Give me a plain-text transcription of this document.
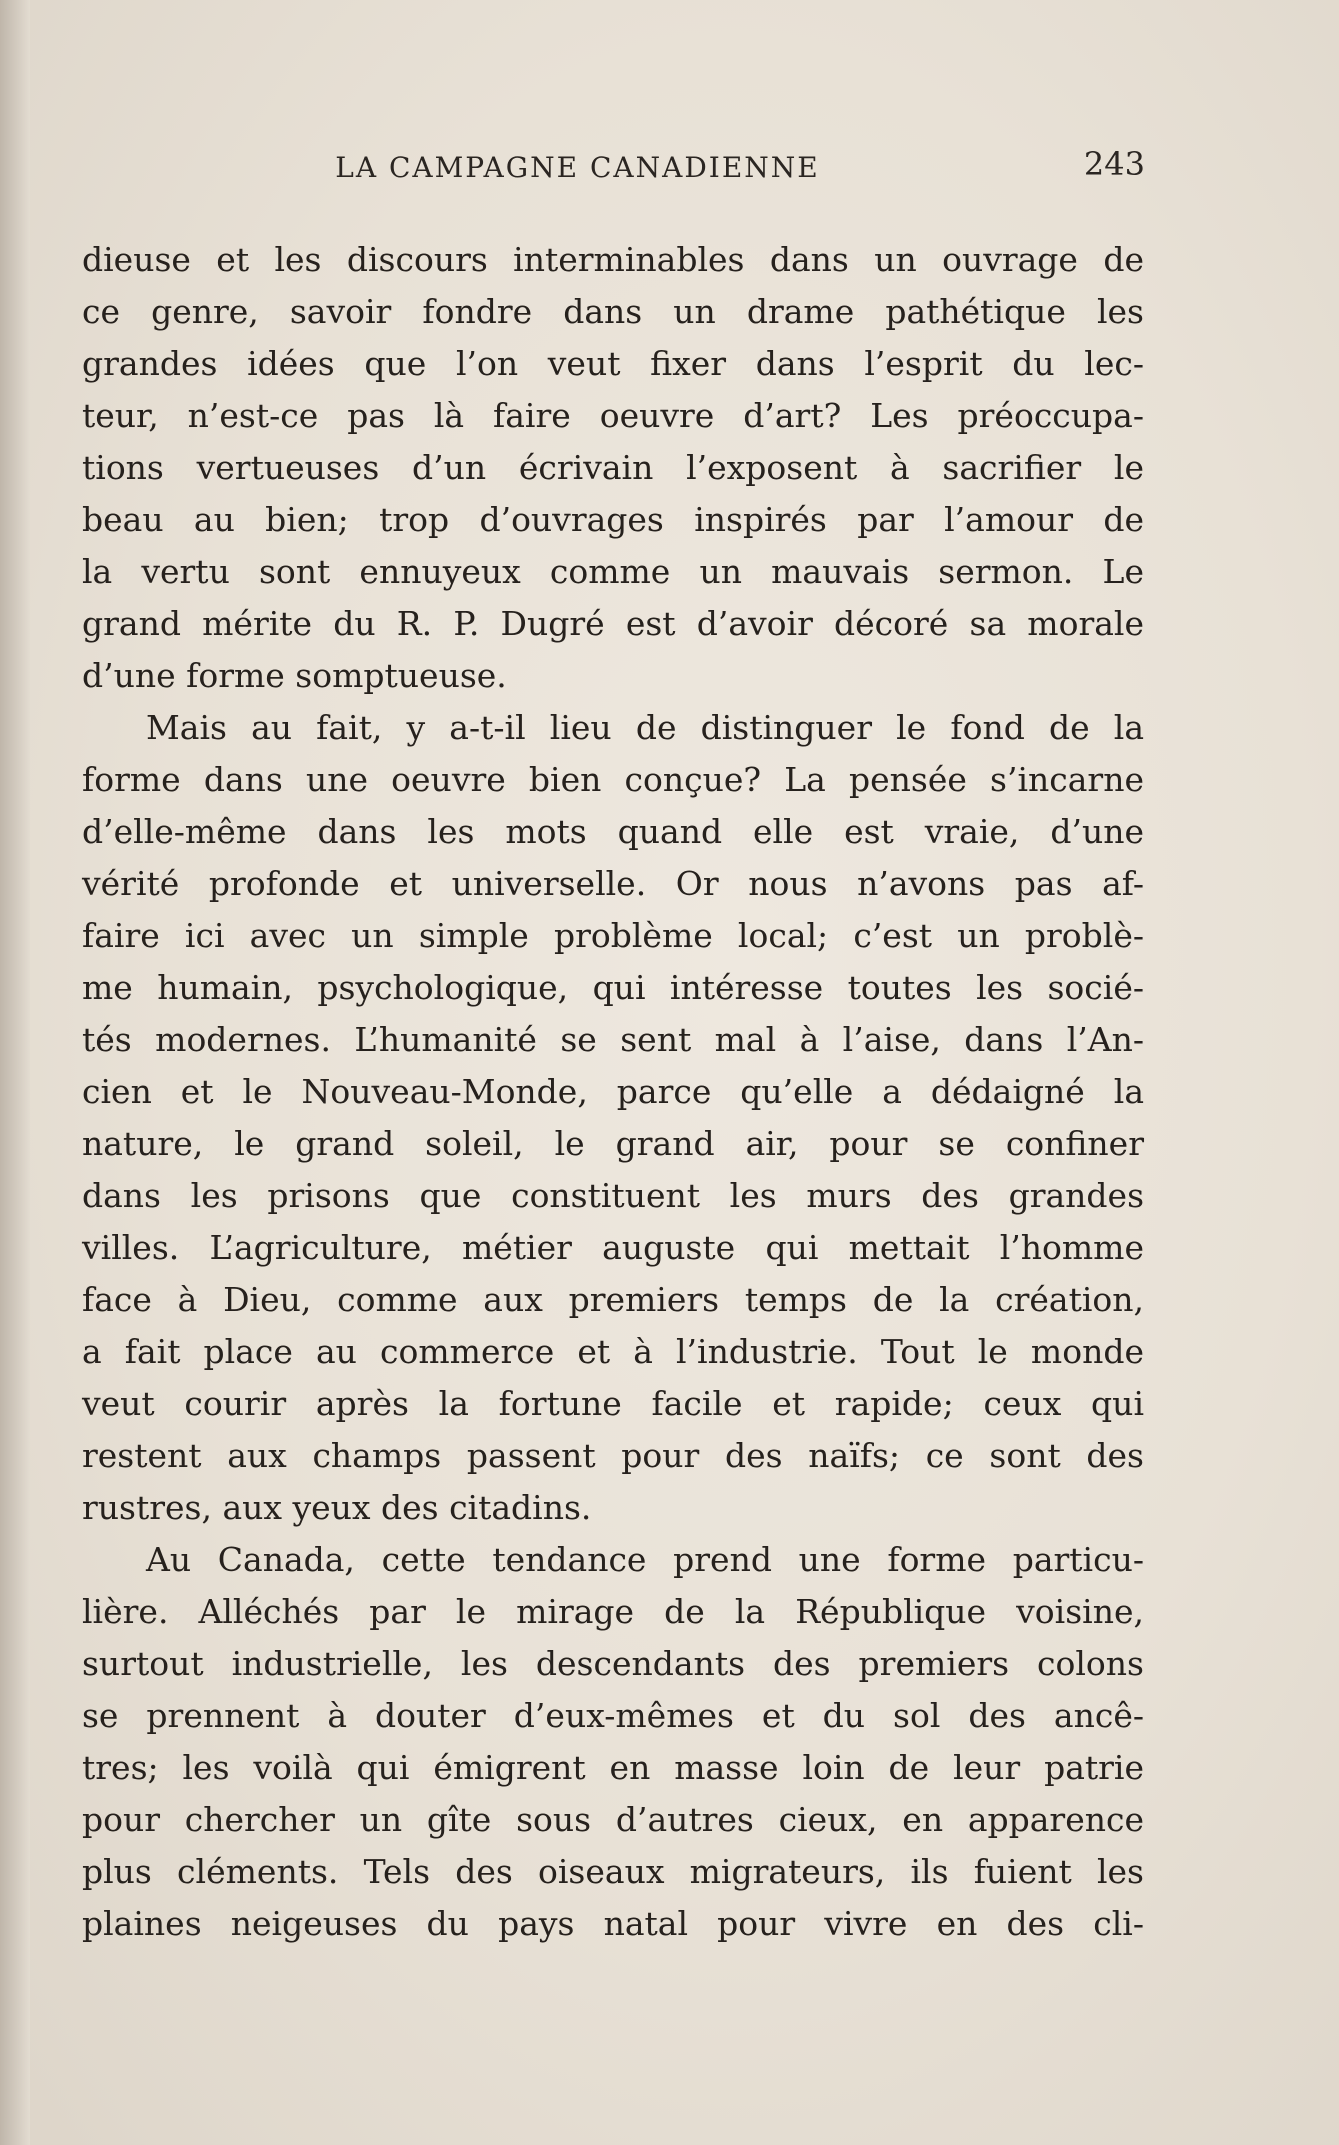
LA CAMPAGNE CANADIENNE	243
dieuse et les discours interminables dans un ouvrage de
ce genre, savoir fondre dans un drame pathétique les
grandes idées que l’on veut fixer dans l’esprit du lec-
teur, n’est-ce pas là faire oeuvre d’art? Les préoccupa-
tions vertueuses d’un écrivain l’exposent à sacrifier le
beau au bien; trop d’ouvrages inspirés par l’amour de
la vertu sont ennuyeux comme un mauvais sermon. Le
grand mérite du R. P. Dugré est d’avoir décoré sa morale
d’une forme somptueuse.
Mais au fait, y a-t-il lieu de distinguer le fond de la
forme dans une oeuvre bien conçue? La pensée s’incarne
d’elle-même dans les mots quand elle est vraie, d’une
vérité profonde et universelle. Or nous n’avons pas af-
faire ici avec un simple problème local; c’est un problè-
me humain, psychologique, qui intéresse toutes les socié-
tés modernes. L’humanité se sent mal à l’aise, dans l’An-
cien et le Nouveau-Monde, parce qu’elle a dédaigné la
nature, le grand soleil, le grand air, pour se confiner
dans les prisons que constituent les murs des grandes
villes. L’agriculture, métier auguste qui mettait l’homme
face à Dieu, comme aux premiers temps de la création,
a fait place au commerce et à l’industrie. Tout le monde
veut courir après la fortune facile et rapide; ceux qui
restent aux champs passent pour des naïfs; ce sont des
rustres, aux yeux des citadins.
Au Canada, cette tendance prend une forme particu-
lière. Alléchés par le mirage de la République voisine,
surtout industrielle, les descendants des premiers colons
se prennent à douter d’eux-mêmes et du sol des ancê-
tres; les voilà qui émigrent en masse loin de leur patrie
pour chercher un gîte sous d’autres cieux, en apparence
plus cléments. Tels des oiseaux migrateurs, ils fuient les
plaines neigeuses du pays natal pour vivre en des cli-
